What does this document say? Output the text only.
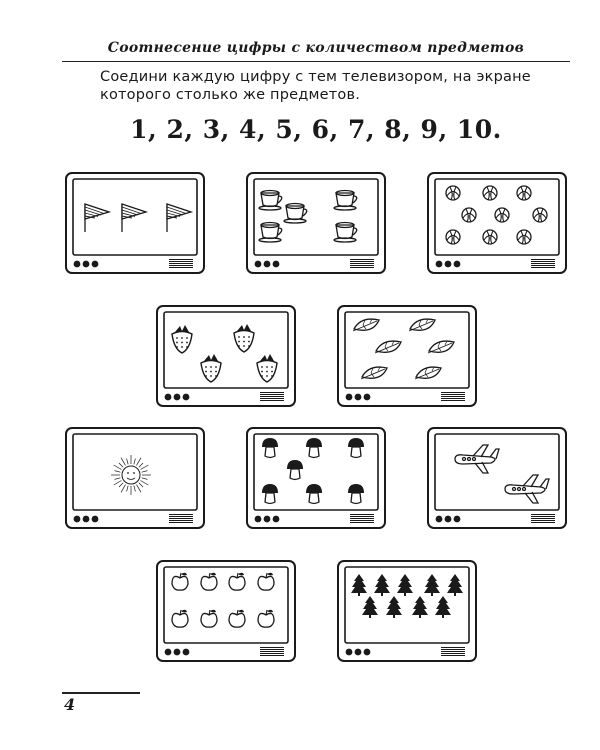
Соотнесение цифры с количеством предметов
Соедини каждую цифру с тем телевизором, на экране
которого столько же предметов.
1, 2, 3, 4, 5, 6, 7, 8, 9, 10.
4
